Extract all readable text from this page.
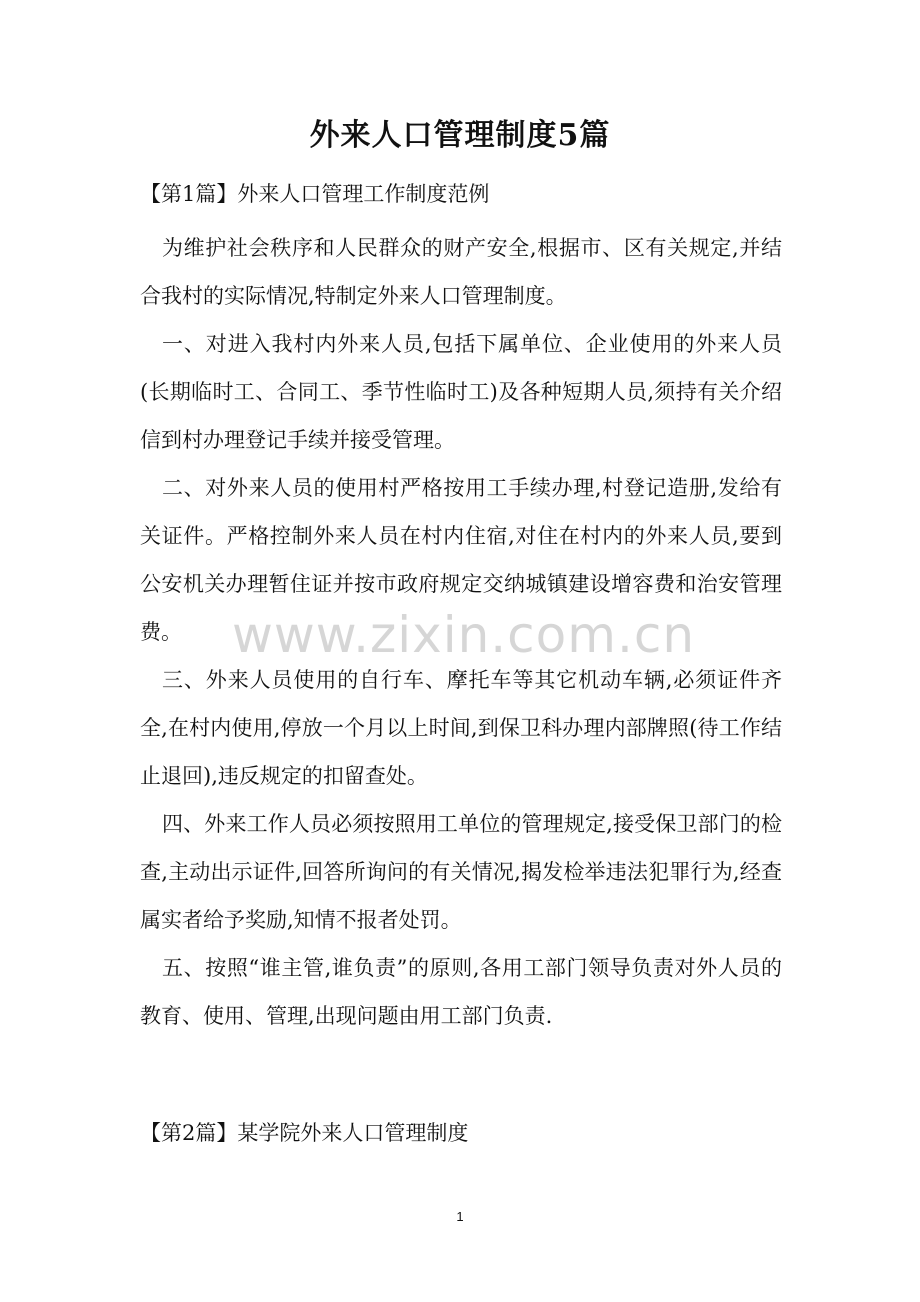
外来人口管理制度5篇
【第1篇】外来人口管理工作制度范例

为维护社会秩序和人民群众的财产安全,根据市、区有关规定,并结合我村的实际情况,特制定外来人口管理制度。

一、对进入我村内外来人员,包括下属单位、企业使用的外来人员(长期临时工、合同工、季节性临时工)及各种短期人员,须持有关介绍信到村办理登记手续并接受管理。

二、对外来人员的使用村严格按用工手续办理,村登记造册,发给有关证件。严格控制外来人员在村内住宿,对住在村内的外来人员,要到公安机关办理暂住证并按市政府规定交纳城镇建设增容费和治安管理费。	www.zixin.com.cn

三、外来人员使用的自行车、摩托车等其它机动车辆,必须证件齐全,在村内使用,停放一个月以上时间,到保卫科办理内部牌照(待工作结止退回),违反规定的扣留查处。

四、外来工作人员必须按照用工单位的管理规定,接受保卫部门的检查,主动出示证件,回答所询问的有关情况,揭发检举违法犯罪行为,经查属实者给予奖励,知情不报者处罚。

五、按照“谁主管,谁负责”的原则,各用工部门领导负责对外人员的教育、使用、管理,出现问题由用工部门负责.

【第2篇】某学院外来人口管理制度
1
